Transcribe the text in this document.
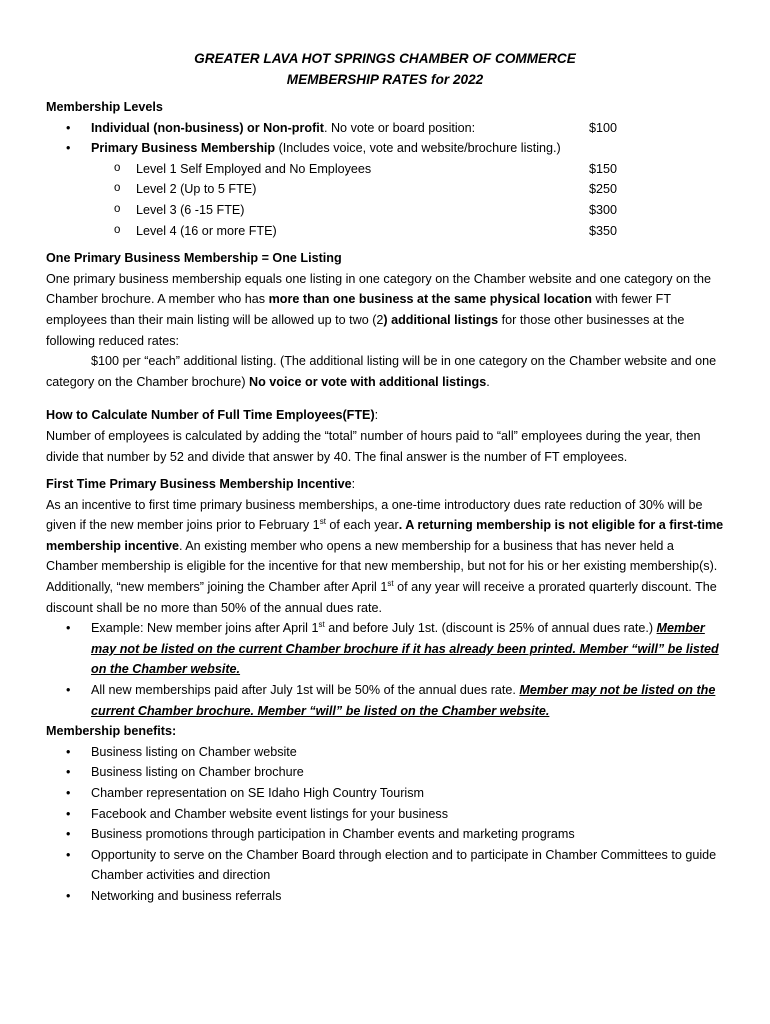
GREATER LAVA HOT SPRINGS CHAMBER OF COMMERCE
MEMBERSHIP RATES for 2022

Membership Levels

• Individual (non-business) or Non-profit. No vote or board position:	$100
• Primary Business Membership (Includes voice, vote and website/brochure listing.)
o Level 1 Self Employed and No Employees	$150
o Level 2 (Up to 5 FTE)	$250
o Level 3 (6 -15 FTE)	$300
o Level 4 (16 or more FTE)	$350

One Primary Business Membership = One Listing

One primary business membership equals one listing in one category on the Chamber website and one category on the Chamber brochure. A member who has more than one business at the same physical location with fewer FT employees than their main listing will be allowed up to two (2) additional listings for those other businesses at the following reduced rates:

$100 per “each” additional listing. (The additional listing will be in one category on the Chamber website and one category on the Chamber brochure) No voice or vote with additional listings.

How to Calculate Number of Full Time Employees(FTE):

Number of employees is calculated by adding the “total” number of hours paid to “all” employees during the year, then divide that number by 52 and divide that answer by 40. The final answer is the number of FT employees.

First Time Primary Business Membership Incentive:

As an incentive to first time primary business memberships, a one-time introductory dues rate reduction of 30% will be given if the new member joins prior to February 1st of each year. A returning membership is not eligible for a first-time membership incentive. An existing member who opens a new membership for a business that has never held a Chamber membership is eligible for the incentive for that new membership, but not for his or her existing membership(s). Additionally, “new members” joining the Chamber after April 1st of any year will receive a prorated quarterly discount. The discount shall be no more than 50% of the annual dues rate.

• Example: New member joins after April 1st and before July 1st. (discount is 25% of annual dues rate.) Member may not be listed on the current Chamber brochure if it has already been printed. Member “will” be listed on the Chamber website.
• All new memberships paid after July 1st will be 50% of the annual dues rate. Member may not be listed on the current Chamber brochure. Member “will” be listed on the Chamber website.

Membership benefits:

• Business listing on Chamber website
• Business listing on Chamber brochure
• Chamber representation on SE Idaho High Country Tourism
• Facebook and Chamber website event listings for your business
• Business promotions through participation in Chamber events and marketing programs
• Opportunity to serve on the Chamber Board through election and to participate in Chamber Committees to guide Chamber activities and direction
• Networking and business referrals
